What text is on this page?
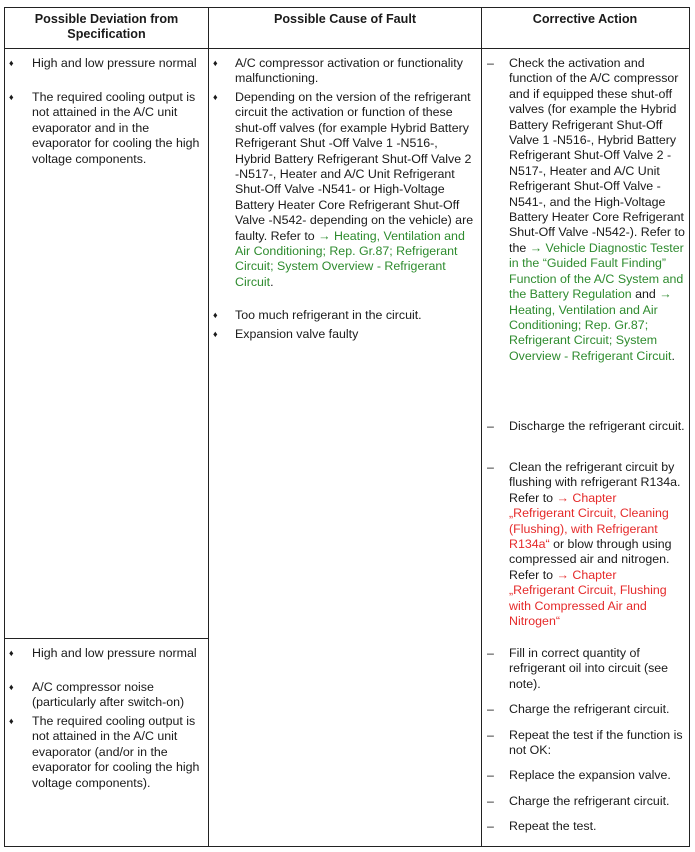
Possible Deviation from Specification
Possible Cause of Fault	Corrective Action
♦ High and low pressure normal
♦ The required cooling output is not attained in the A/C unit evaporator and in the evaporator for cooling the high voltage components.
♦ A/C compressor activation or functionality malfunctioning.
♦ Depending on the version of the refrigerant circuit the activation or function of these shut-off valves (for example Hybrid Battery Refrigerant Shut -Off Valve 1 -N516-, Hybrid Battery Refrigerant Shut-Off Valve 2 -N517-, Heater and A/C Unit Refrigerant Shut-Off Valve -N541- or High-Voltage Battery Heater Core Refrigerant Shut-Off Valve -N542- depending on the vehicle) are faulty. Refer to → Heating, Ventilation and Air Conditioning; Rep. Gr.87; Refrigerant Circuit; System Overview - Refrigerant Circuit.
♦ Too much refrigerant in the circuit.
♦ Expansion valve faulty
– Check the activation and function of the A/C compressor and if equipped these shut-off valves (for example the Hybrid Battery Refrigerant Shut-Off Valve 1 -N516-, Hybrid Battery Refrigerant Shut-Off Valve 2 -N517-, Heater and A/C Unit Refrigerant Shut-Off Valve -N541-, and the High-Voltage Battery Heater Core Refrigerant Shut-Off Valve -N542-). Refer to the → Vehicle Diagnostic Tester in the “Guided Fault Finding” Function of the A/C System and the Battery Regulation and → Heating, Ventilation and Air Conditioning; Rep. Gr.87; Refrigerant Circuit; System Overview - Refrigerant Circuit.
– Discharge the refrigerant circuit.
– Clean the refrigerant circuit by flushing with refrigerant R134a. Refer to → Chapter „Refrigerant Circuit, Cleaning (Flushing), with Refrigerant R134a“ or blow through using compressed air and nitrogen. Refer to → Chapter „Refrigerant Circuit, Flushing with Compressed Air and Nitrogen“
♦ High and low pressure normal
♦ A/C compressor noise (particularly after switch-on)
♦ The required cooling output is not attained in the A/C unit evaporator (and/or in the evaporator for cooling the high voltage components).
– Fill in correct quantity of refrigerant oil into circuit (see note).
– Charge the refrigerant circuit.
– Repeat the test if the function is not OK:
– Replace the expansion valve.
– Charge the refrigerant circuit.
– Repeat the test.
